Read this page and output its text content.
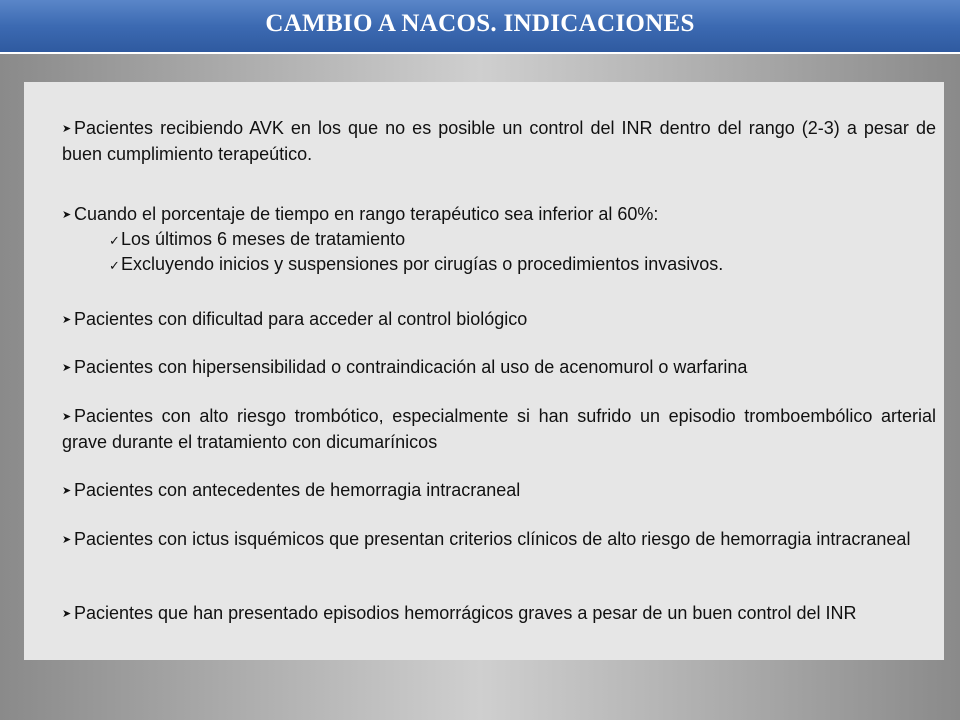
CAMBIO A NACOS. INDICACIONES
➤ Pacientes recibiendo AVK en los que no es posible un control del INR dentro del rango (2-3) a pesar de buen cumplimiento terapeútico.
➤ Cuando el porcentaje de tiempo en rango terapéutico sea inferior al 60%:
✓Los últimos 6 meses de tratamiento
✓Excluyendo inicios y suspensiones por cirugías o procedimientos invasivos.
➤ Pacientes con dificultad para acceder al control biológico
➤ Pacientes con hipersensibilidad o contraindicación al uso de acenomurol o warfarina
➤ Pacientes con alto riesgo trombótico, especialmente si han sufrido un episodio tromboembólico arterial grave durante el tratamiento con dicumarínicos
➤ Pacientes con antecedentes de hemorragia intracraneal
➤ Pacientes con ictus isquémicos que presentan criterios clínicos de alto riesgo de hemorragia intracraneal
➤ Pacientes que han presentado episodios hemorrágicos graves a pesar de un buen control del INR
